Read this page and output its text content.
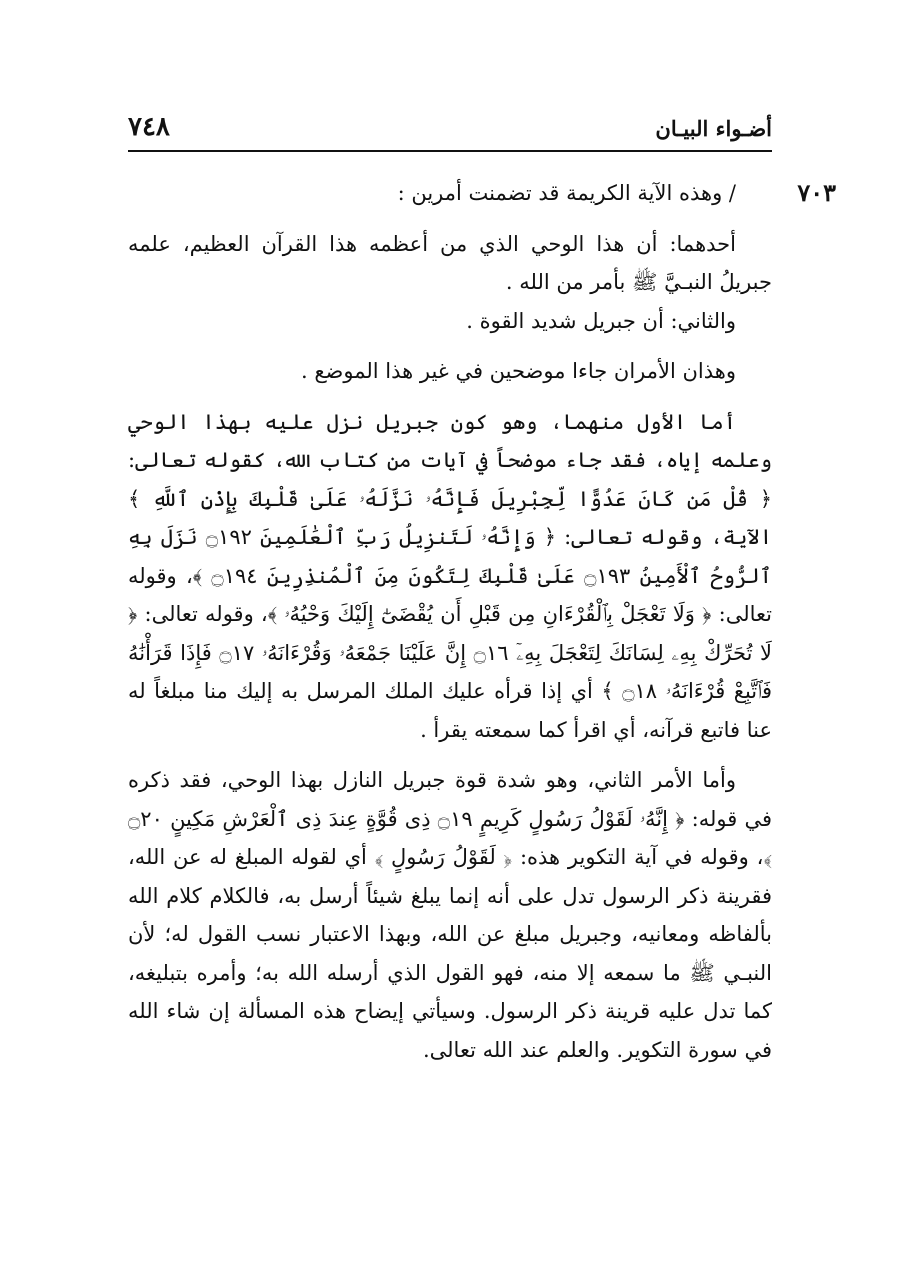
أضـواء البيـان
٧٤٨
٧٠٣

/ وهذه الآية الكريمة قد تضمنت أمرين :

أحدهما: أن هذا الوحي الذي من أعظمه هذا القرآن العظيم، علمه جبريلُ النبـيَّ ﷺ بأمر من الله .

والثاني: أن جبريل شديد القوة .

وهذان الأمران جاءا موضحين في غير هذا الموضع .

أما الأول منهما، وهو كون جبريل نزل عليه بهذا الوحي وعلمه إياه، فقد جاء موضحاً في آيات من كتاب الله، كقوله تعالى: ﴿ قُلْ مَن كَانَ عَدُوًّا لِّجِبْرِيلَ فَإِنَّهُۥ نَزَّلَهُۥ عَلَىٰ قَلْبِكَ بِإِذْنِ ٱللَّهِ ﴾ الآية، وقوله تعالى: ﴿ وَإِنَّهُۥ لَتَنزِيلُ رَبِّ ٱلْعَٰلَمِينَ ۝١٩٢ نَزَلَ بِهِ ٱلرُّوحُ ٱلْأَمِينُ ۝١٩٣ عَلَىٰ قَلْبِكَ لِتَكُونَ مِنَ ٱلْمُنذِرِينَ ۝١٩٤ ﴾، وقوله تعالى: ﴿ وَلَا تَعْجَلْ بِٱلْقُرْءَانِ مِن قَبْلِ أَن يُقْضَىٰٓ إِلَيْكَ وَحْيُهُۥ ﴾، وقوله تعالى: ﴿ لَا تُحَرِّكْ بِهِۦ لِسَانَكَ لِتَعْجَلَ بِهِۦٓ ۝١٦ إِنَّ عَلَيْنَا جَمْعَهُۥ وَقُرْءَانَهُۥ ۝١٧ فَإِذَا قَرَأْنَٰهُ فَٱتَّبِعْ قُرْءَانَهُۥ ۝١٨ ﴾ أي إذا قرأه عليك الملك المرسل به إليك منا مبلغاً له عنا فاتبع قرآنه، أي اقرأ كما سمعته يقرأ .

وأما الأمر الثاني، وهو شدة قوة جبريل النازل بهذا الوحي، فقد ذكره في قوله: ﴿ إِنَّهُۥ لَقَوْلُ رَسُولٍ كَرِيمٍ ۝١٩ ذِى قُوَّةٍ عِندَ ذِى ٱلْعَرْشِ مَكِينٍ ۝٢٠ ﴾، وقوله في آية التكوير هذه: ﴿ لَقَوْلُ رَسُولٍ ﴾ أي لقوله المبلغ له عن الله، فقرينة ذكر الرسول تدل على أنه إنما يبلغ شيئاً أرسل به، فالكلام كلام الله بألفاظه ومعانيه، وجبريل مبلغ عن الله، وبهذا الاعتبار نسب القول له؛ لأن النبـي ﷺ ما سمعه إلا منه، فهو القول الذي أرسله الله به؛ وأمره بتبليغه، كما تدل عليه قرينة ذكر الرسول. وسيأتي إيضاح هذه المسألة إن شاء الله في سورة التكوير. والعلم عند الله تعالى.
